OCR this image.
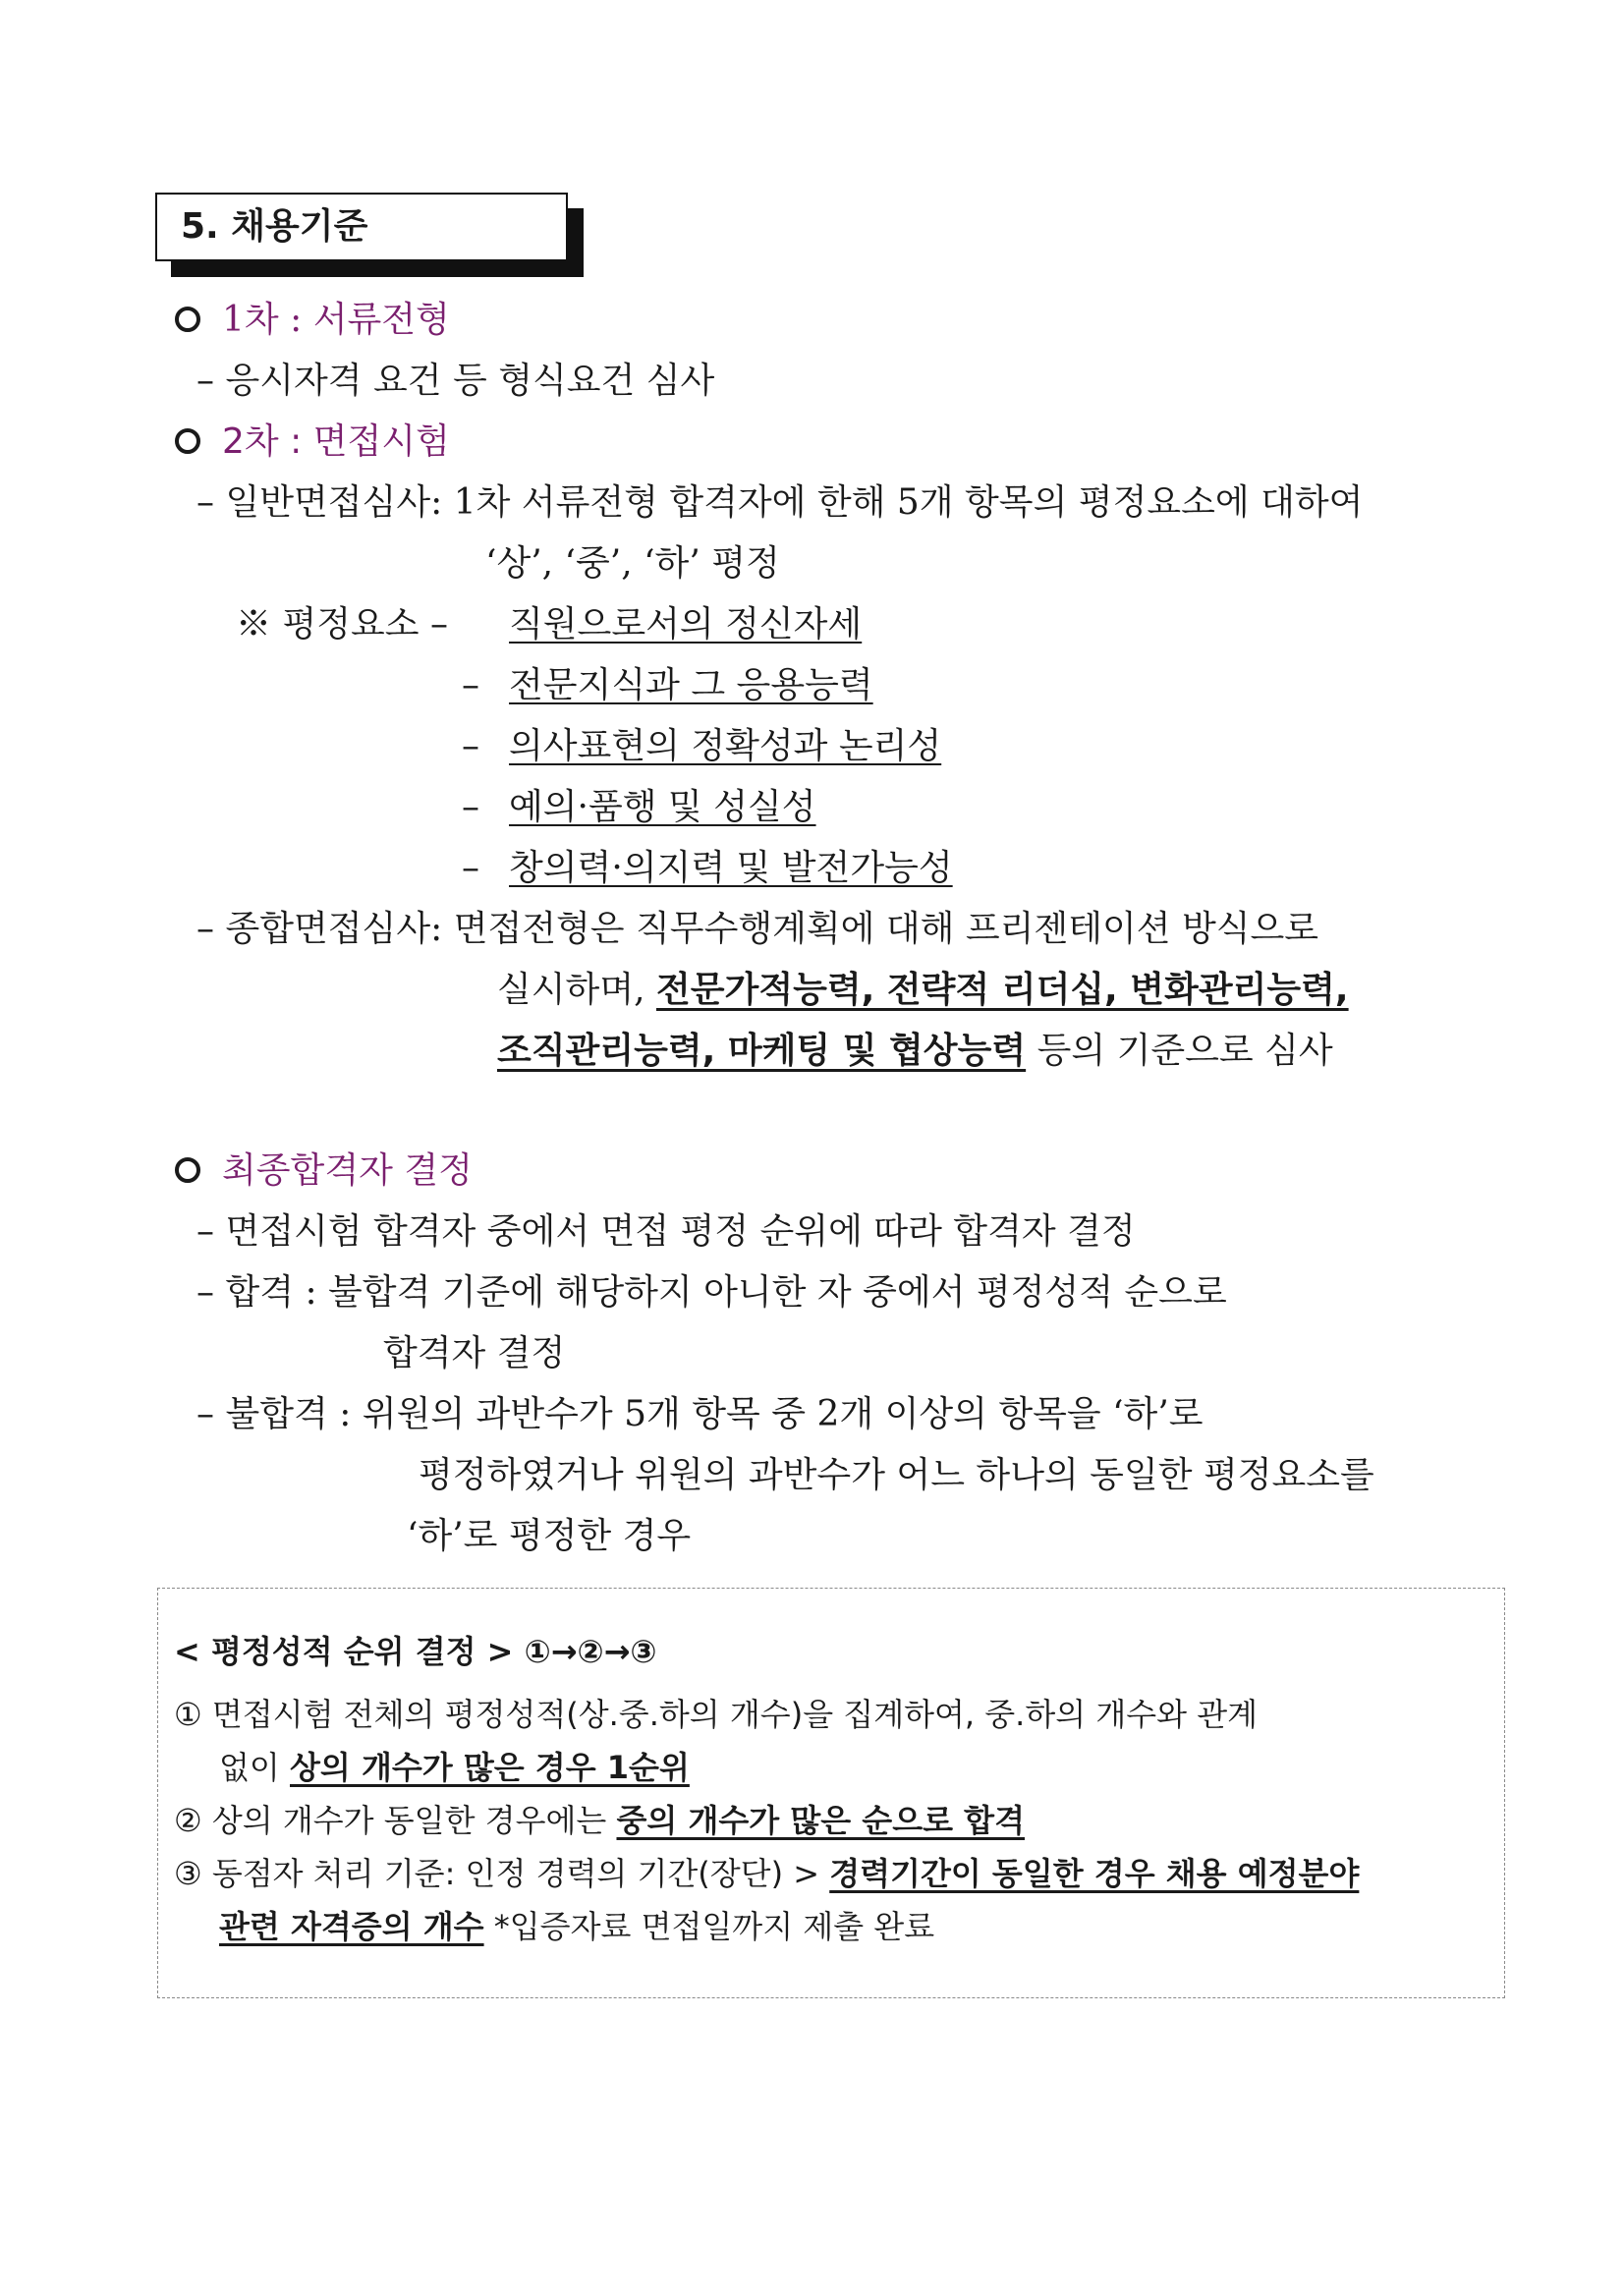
5. 채용기준
1차 : 서류전형
– 응시자격 요건 등 형식요건 심사
2차 : 면접시험
– 일반면접심사: 1차 서류전형 합격자에 한해 5개 항목의 평정요소에 대하여
‘상’, ‘중’, ‘하’ 평정
※ 평정요소 – 직원으로서의 정신자세
– 전문지식과 그 응용능력
– 의사표현의 정확성과 논리성
– 예의·품행 및 성실성
– 창의력·의지력 및 발전가능성
– 종합면접심사: 면접전형은 직무수행계획에 대해 프리젠테이션 방식으로
실시하며, 전문가적능력, 전략적 리더십, 변화관리능력,
조직관리능력, 마케팅 및 협상능력 등의 기준으로 심사
최종합격자 결정
– 면접시험 합격자 중에서 면접 평정 순위에 따라 합격자 결정
– 합격 : 불합격 기준에 해당하지 아니한 자 중에서 평정성적 순으로
합격자 결정
– 불합격 : 위원의 과반수가 5개 항목 중 2개 이상의 항목을 ‘하’로
평정하였거나 위원의 과반수가 어느 하나의 동일한 평정요소를
‘하’로 평정한 경우
< 평정성적 순위 결정 > ①→②→③
① 면접시험 전체의 평정성적(상.중.하의 개수)을 집계하여, 중.하의 개수와 관계
없이 상의 개수가 많은 경우 1순위
② 상의 개수가 동일한 경우에는 중의 개수가 많은 순으로 합격
③ 동점자 처리 기준: 인정 경력의 기간(장단) > 경력기간이 동일한 경우 채용 예정분야
관련 자격증의 개수 *입증자료 면접일까지 제출 완료
